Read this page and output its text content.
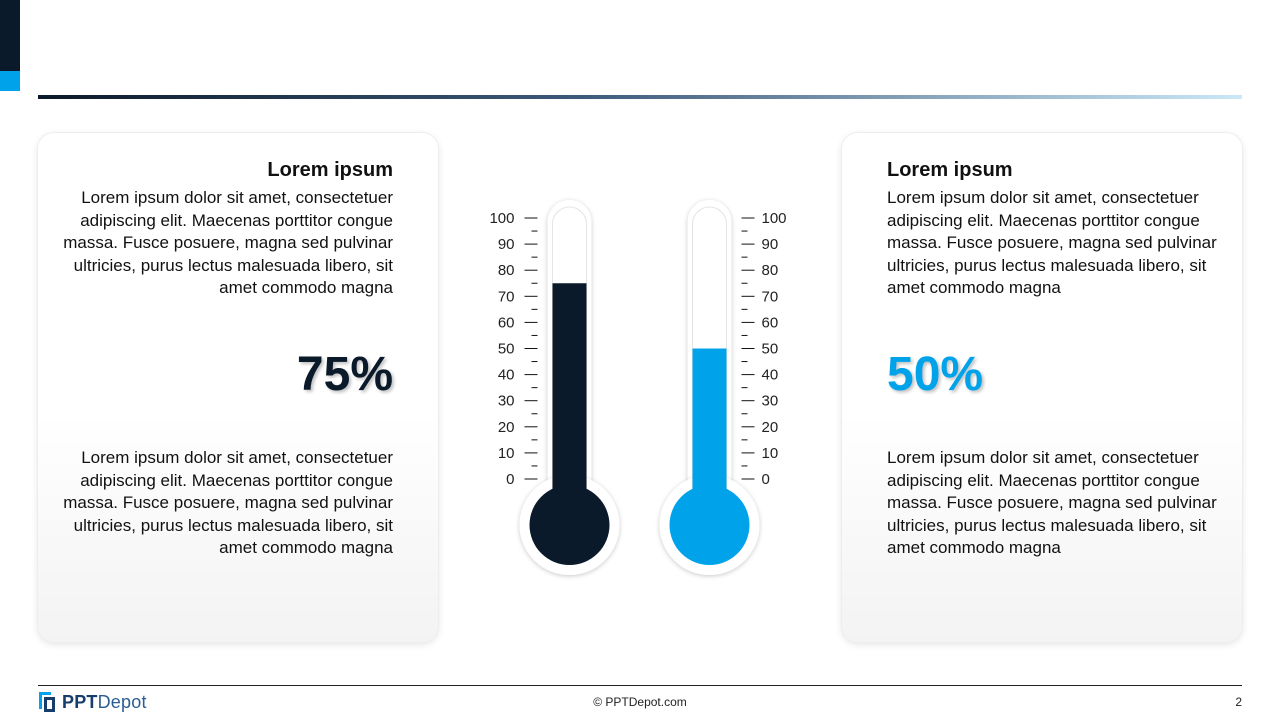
Lorem ipsum

Lorem ipsum dolor sit amet, consectetuer adipiscing elit. Maecenas porttitor congue massa. Fusce posuere, magna sed pulvinar ultricies, purus lectus malesuada libero, sit amet commodo magna

75%

Lorem ipsum dolor sit amet, consectetuer adipiscing elit. Maecenas porttitor congue massa. Fusce posuere, magna sed pulvinar ultricies, purus lectus malesuada libero, sit amet commodo magna

Lorem ipsum

Lorem ipsum dolor sit amet, consectetuer adipiscing elit. Maecenas porttitor congue massa. Fusce posuere, magna sed pulvinar ultricies, purus lectus malesuada libero, sit amet commodo magna

50%

Lorem ipsum dolor sit amet, consectetuer adipiscing elit. Maecenas porttitor congue massa. Fusce posuere, magna sed pulvinar ultricies, purus lectus malesuada libero, sit amet commodo magna

0
10
20
30
40
50
60
70
80
90
100
0
10
20
30
40
50
60
70
80
90
100
PPTDepot	© PPTDepot.com	2
